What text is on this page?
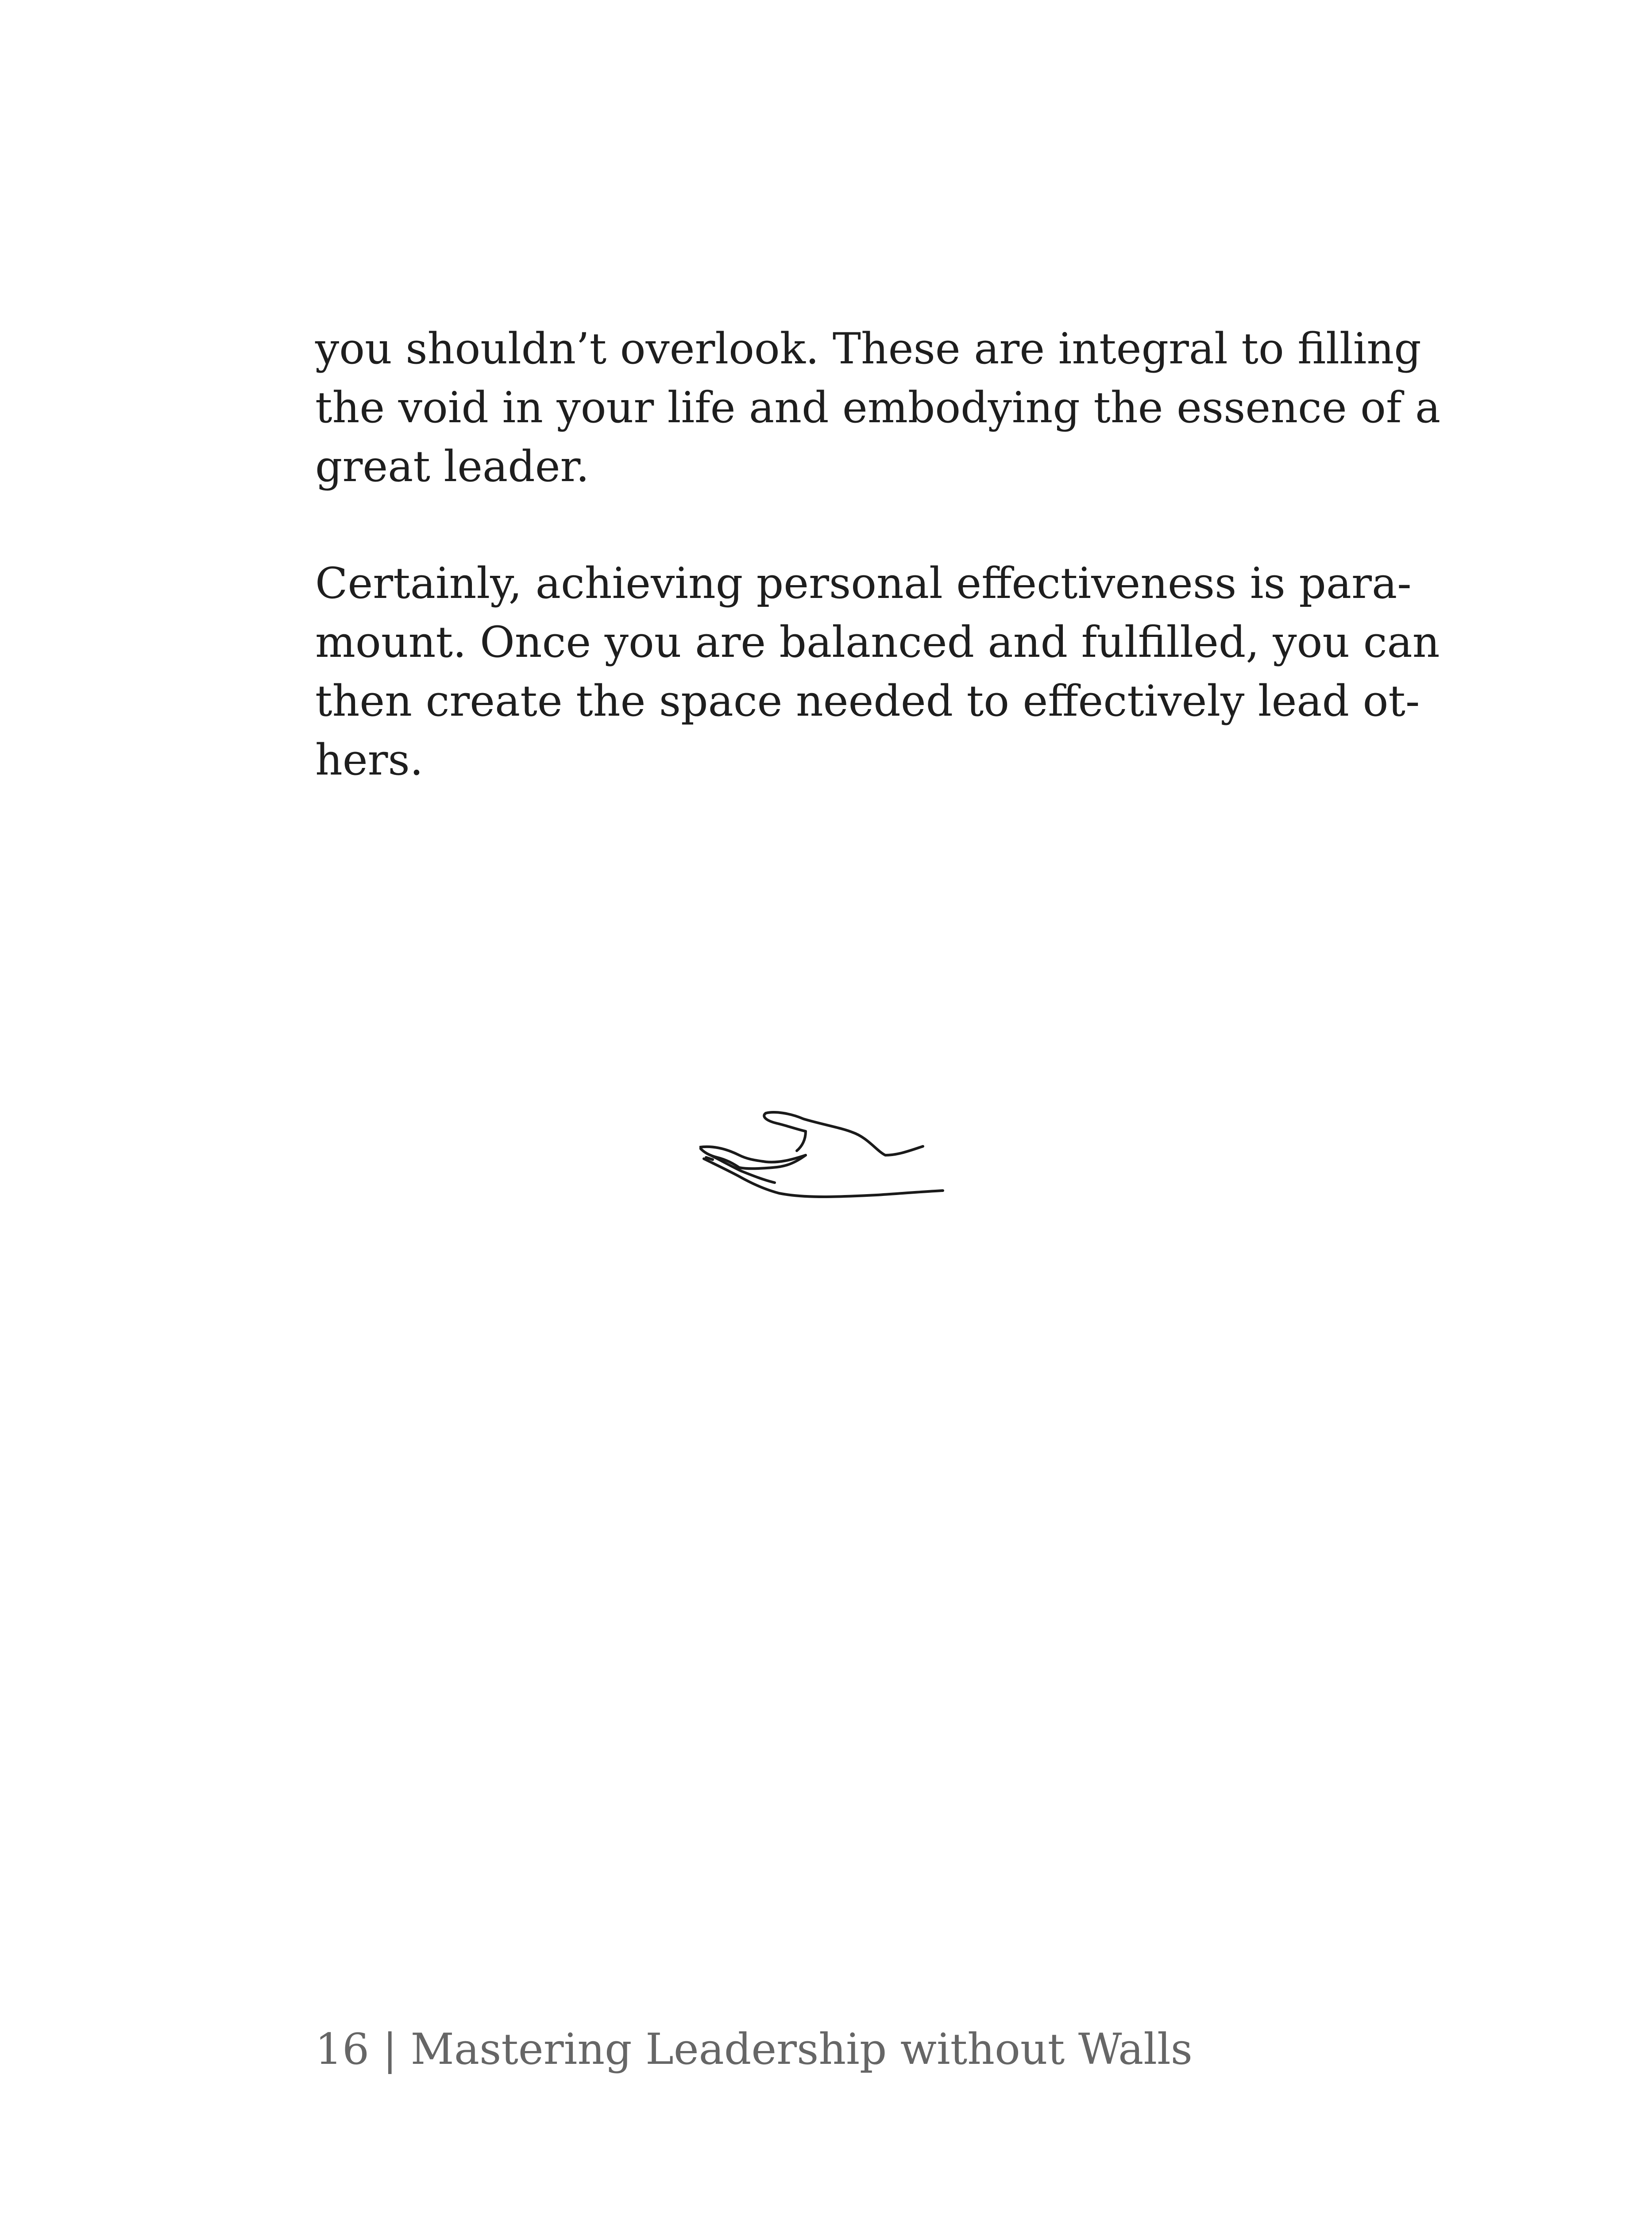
you shouldn’t overlook. These are integral to filling
the void in your life and embodying the essence of a
great leader.
Certainly, achieving personal effectiveness is para-
mount. Once you are balanced and fulfilled, you can
then create the space needed to effectively lead ot-
hers.
16 | Mastering Leadership without Walls
